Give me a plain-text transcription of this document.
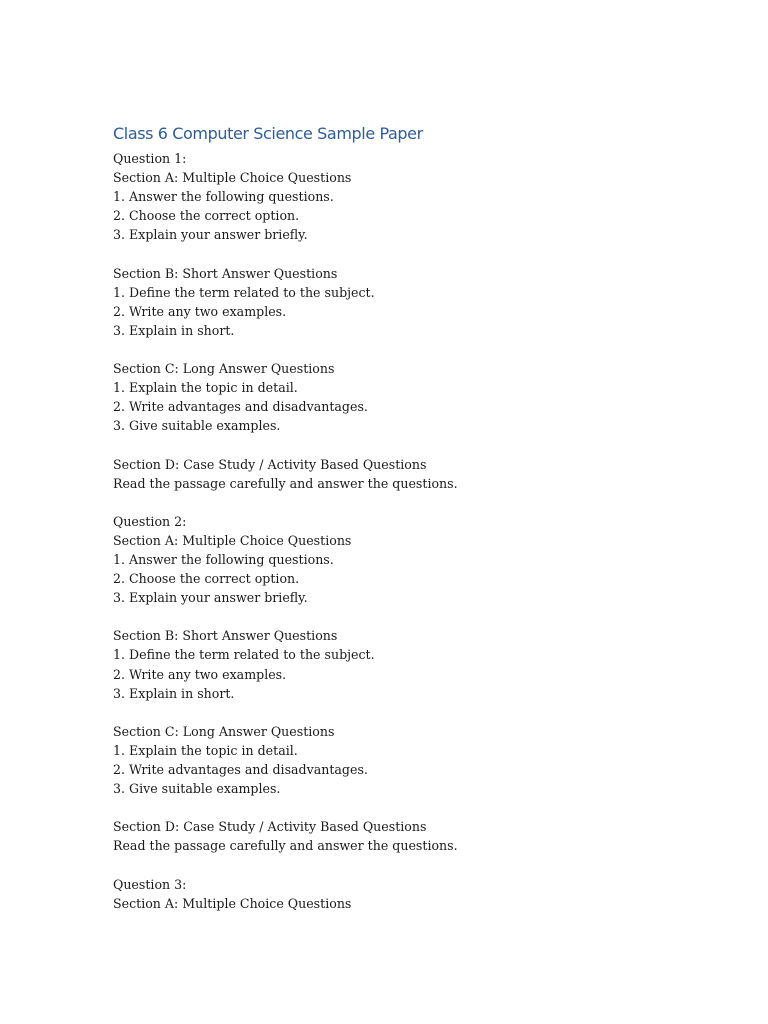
Class 6 Computer Science Sample Paper
Question 1:
Section A: Multiple Choice Questions
1. Answer the following questions.
2. Choose the correct option.
3. Explain your answer briefly.

Section B: Short Answer Questions
1. Define the term related to the subject.
2. Write any two examples.
3. Explain in short.

Section C: Long Answer Questions
1. Explain the topic in detail.
2. Write advantages and disadvantages.
3. Give suitable examples.

Section D: Case Study / Activity Based Questions
Read the passage carefully and answer the questions.

Question 2:
Section A: Multiple Choice Questions
1. Answer the following questions.
2. Choose the correct option.
3. Explain your answer briefly.

Section B: Short Answer Questions
1. Define the term related to the subject.
2. Write any two examples.
3. Explain in short.

Section C: Long Answer Questions
1. Explain the topic in detail.
2. Write advantages and disadvantages.
3. Give suitable examples.

Section D: Case Study / Activity Based Questions
Read the passage carefully and answer the questions.

Question 3:
Section A: Multiple Choice Questions
